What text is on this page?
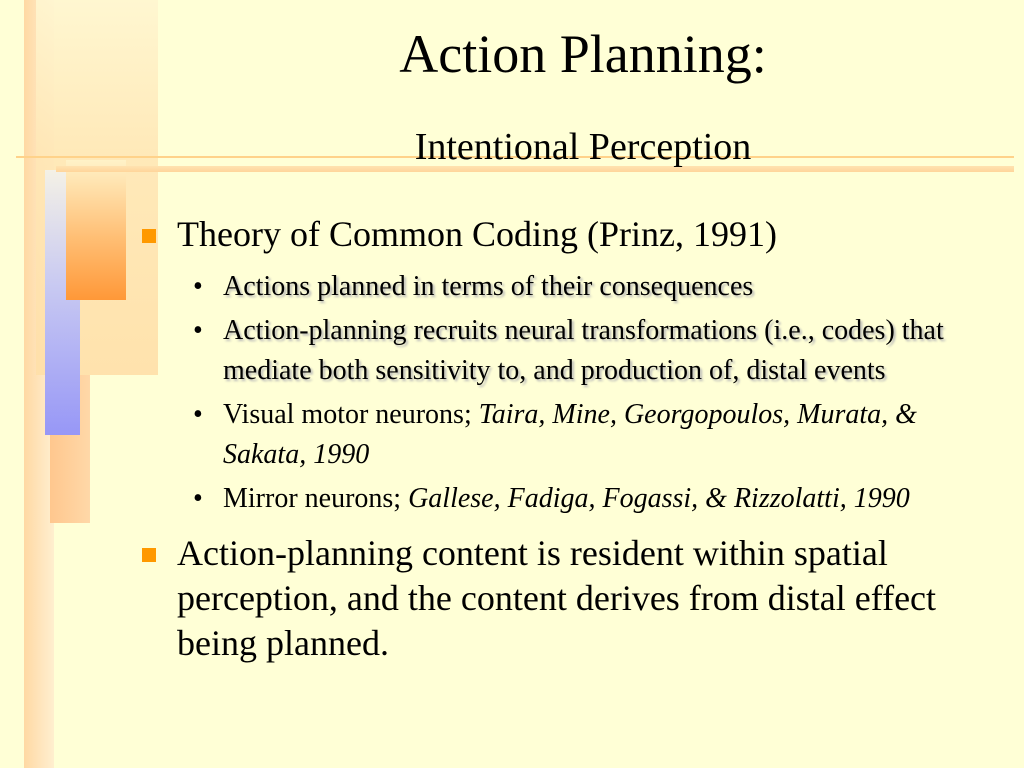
Action Planning:
Intentional Perception
Theory of Common Coding (Prinz, 1991)
• Actions planned in terms of their consequences
• Action-planning recruits neural transformations (i.e., codes) that mediate both sensitivity to, and production of, distal events
• Visual motor neurons; Taira, Mine, Georgopoulos, Murata, & Sakata, 1990
• Mirror neurons; Gallese, Fadiga, Fogassi, & Rizzolatti, 1990
Action-planning content is resident within spatial perception, and the content derives from distal effect being planned.
